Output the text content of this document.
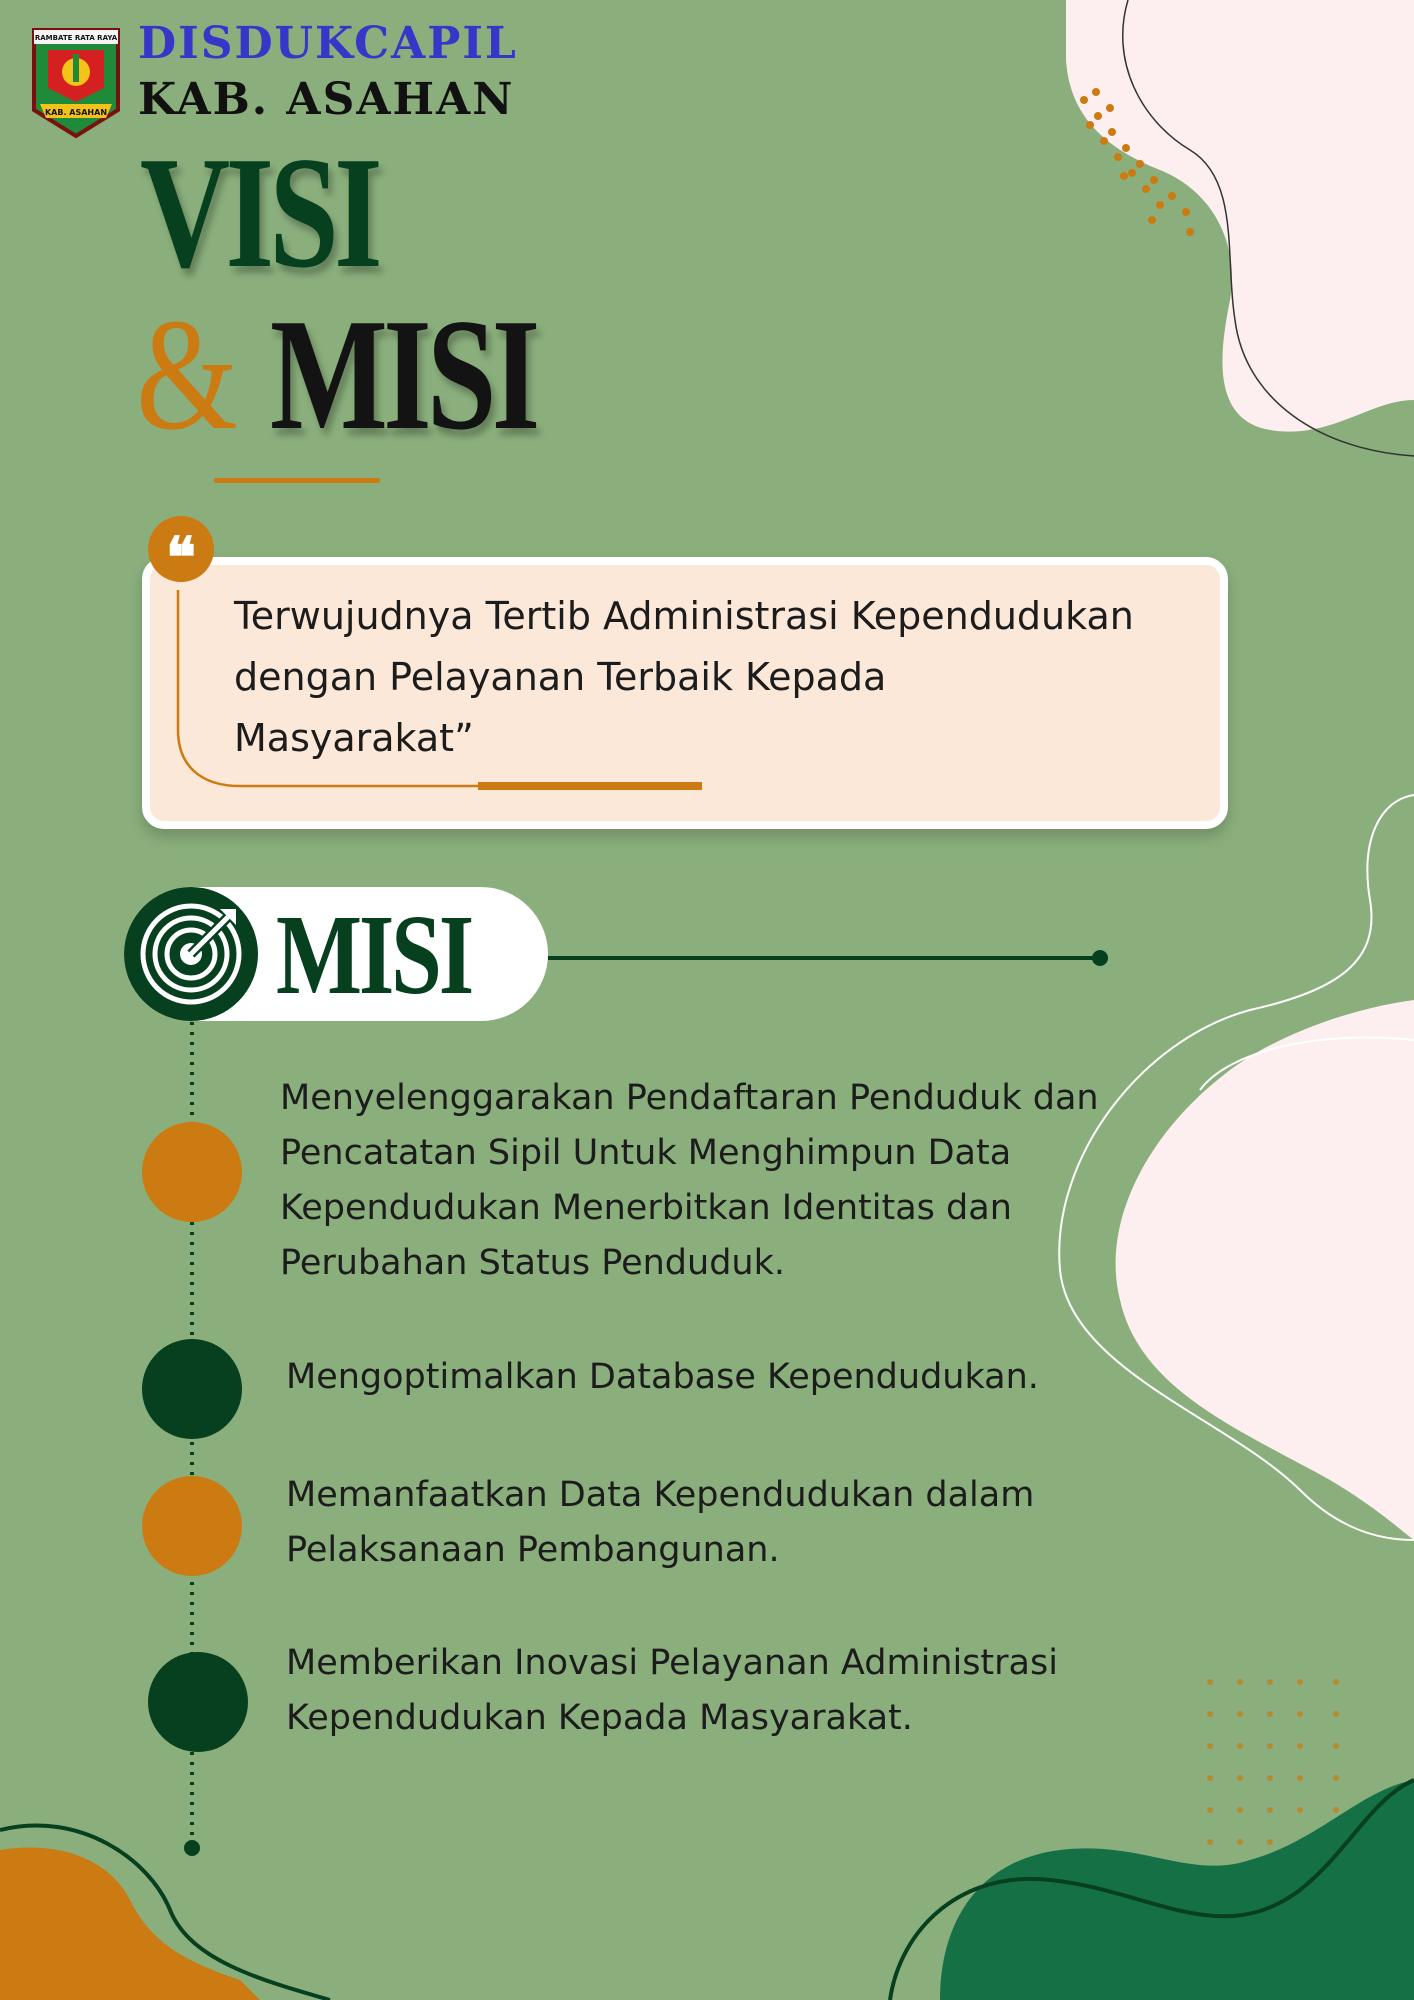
RAMBATE RATA RAYA
KAB. ASAHAN
DISDUKCAPIL
KAB. ASAHAN
VISI
& MISI
Terwujudnya Tertib Administrasi Kependudukan dengan Pelayanan Terbaik Kepada Masyarakat”
❝
MISI
Menyelenggarakan Pendaftaran Penduduk dan Pencatatan Sipil Untuk Menghimpun Data Kependudukan Menerbitkan Identitas dan Perubahan Status Penduduk.
Mengoptimalkan Database Kependudukan.
Memanfaatkan Data Kependudukan dalam Pelaksanaan Pembangunan.
Memberikan Inovasi Pelayanan Administrasi Kependudukan Kepada Masyarakat.
